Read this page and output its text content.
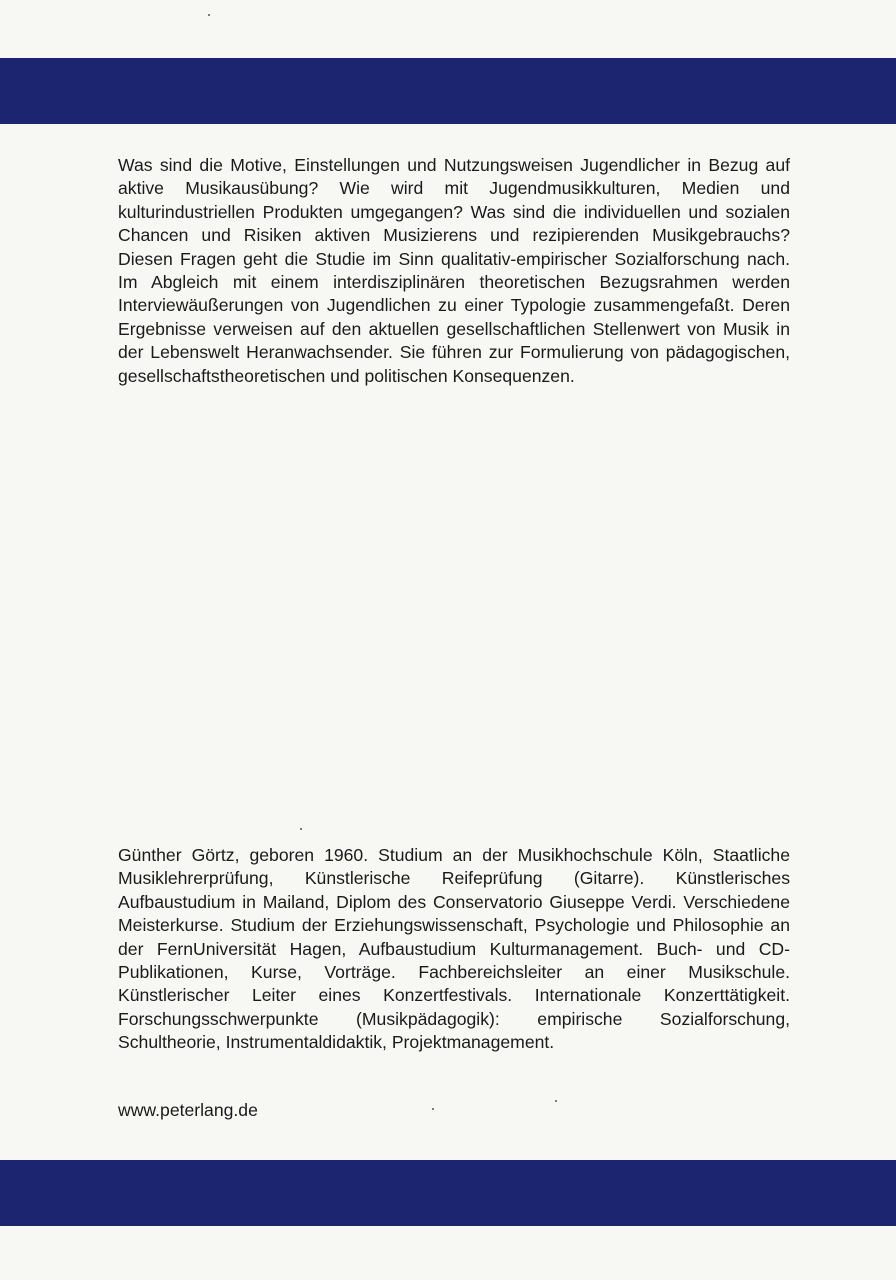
Was sind die Motive, Einstellungen und Nutzungsweisen Jugendlicher in Bezug auf aktive Musikausübung? Wie wird mit Jugendmusikkulturen, Medien und kulturindustriellen Produkten umgegangen? Was sind die individuellen und sozialen Chancen und Risiken aktiven Musizierens und rezipierenden Musikgebrauchs? Diesen Fragen geht die Studie im Sinn qualitativ-empirischer Sozialforschung nach. Im Abgleich mit einem interdisziplinären theoretischen Bezugsrahmen werden Interviewäußerungen von Jugendlichen zu einer Typologie zusammengefaßt. Deren Ergebnisse verweisen auf den aktuellen gesellschaftlichen Stellenwert von Musik in der Lebenswelt Heranwachsender. Sie führen zur Formulierung von pädagogischen, gesellschaftstheoretischen und politischen Konsequenzen.

Günther Görtz, geboren 1960. Studium an der Musikhochschule Köln, Staatliche Musiklehrerprüfung, Künstlerische Reifeprüfung (Gitarre). Künstlerisches Aufbaustudium in Mailand, Diplom des Conservatorio Giuseppe Verdi. Verschiedene Meisterkurse. Studium der Erziehungswissenschaft, Psychologie und Philosophie an der FernUniversität Hagen, Aufbaustudium Kulturmanagement. Buch- und CD-Publikationen, Kurse, Vorträge. Fachbereichsleiter an einer Musikschule. Künstlerischer Leiter eines Konzertfestivals. Internationale Konzerttätigkeit. Forschungsschwerpunkte (Musikpädagogik): empirische Sozialforschung, Schultheorie, Instrumentaldidaktik, Projektmanagement.

www.peterlang.de
